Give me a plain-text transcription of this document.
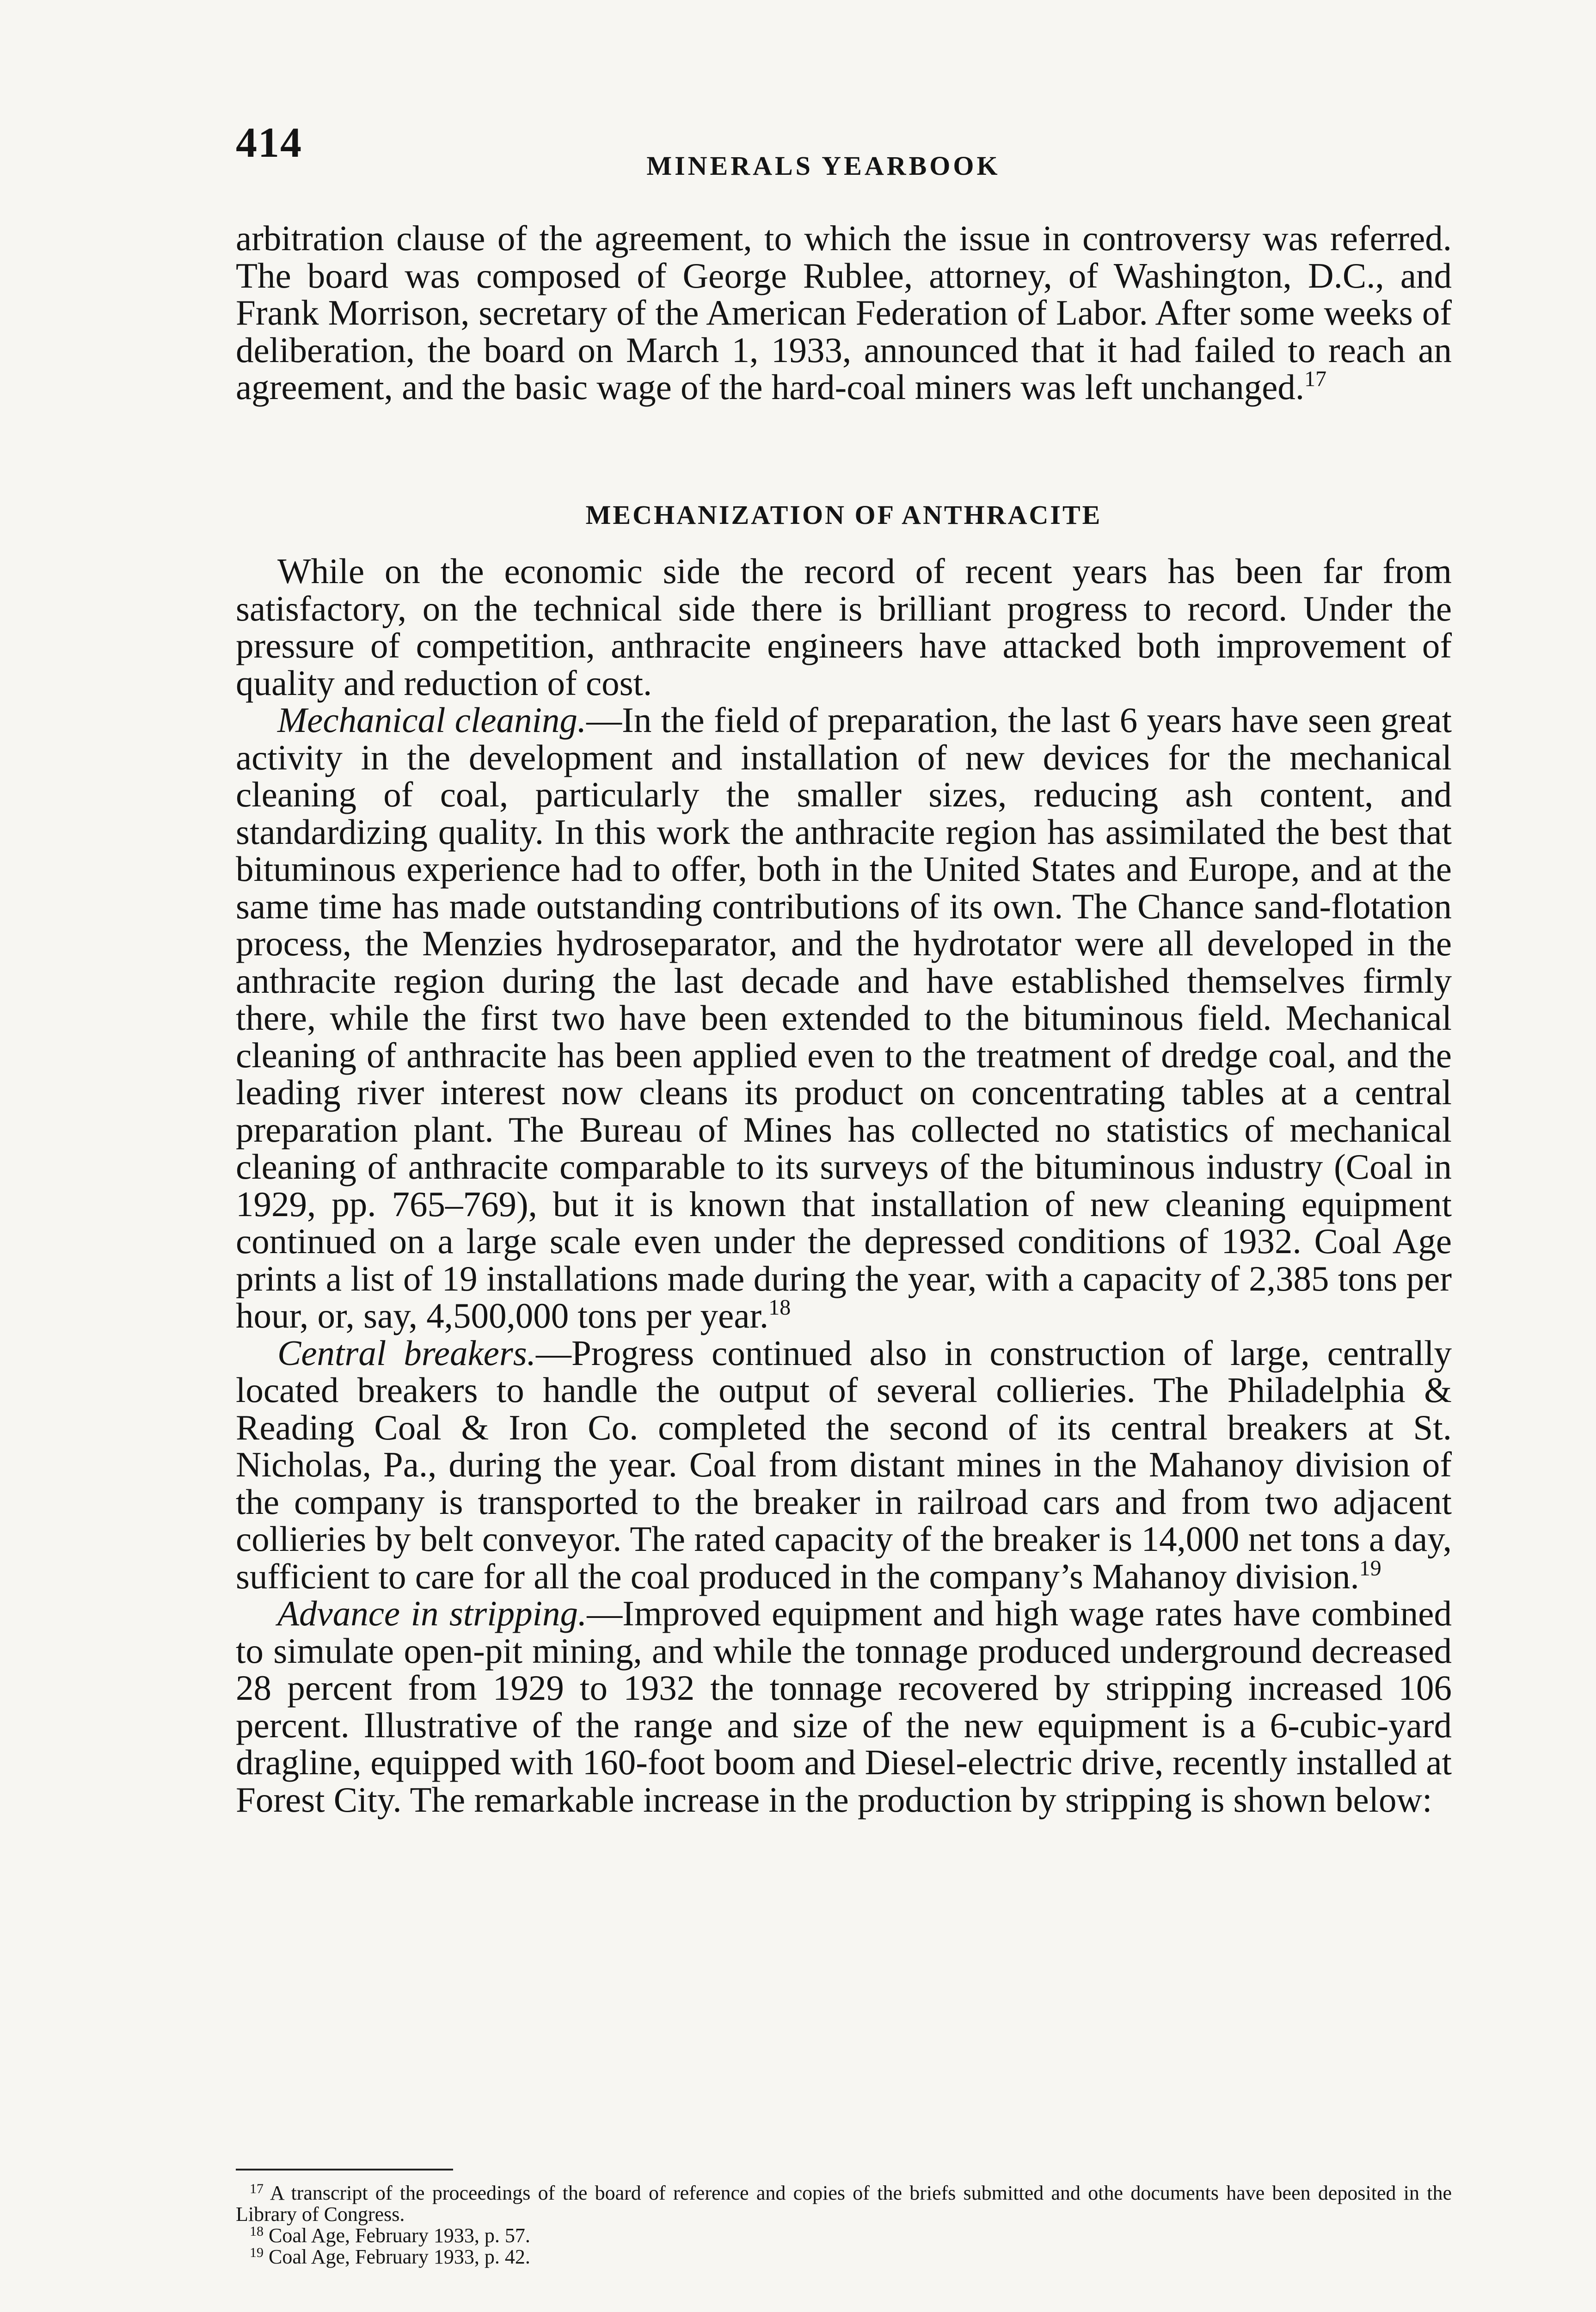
414	MINERALS YEARBOOK

arbitration clause of the agreement, to which the issue in controversy was referred. The board was composed of George Rublee, attorney, of Washington, D.C., and Frank Morrison, secretary of the American Federation of Labor. After some weeks of deliberation, the board on March 1, 1933, announced that it had failed to reach an agreement, and the basic wage of the hard-coal miners was left unchanged.$^{17}$

MECHANIZATION OF ANTHRACITE

While on the economic side the record of recent years has been far from satisfactory, on the technical side there is brilliant progress to record. Under the pressure of competition, anthracite engineers have attacked both improvement of quality and reduction of cost.

Mechanical cleaning.—In the field of preparation, the last 6 years have seen great activity in the development and installation of new devices for the mechanical cleaning of coal, particularly the smaller sizes, reducing ash content, and standardizing quality. In this work the anthracite region has assimilated the best that bituminous experience had to offer, both in the United States and Europe, and at the same time has made outstanding contributions of its own. The Chance sand-flotation process, the Menzies hydroseparator, and the hydrotator were all developed in the anthracite region during the last decade and have established themselves firmly there, while the first two have been extended to the bituminous field. Mechanical cleaning of anthracite has been applied even to the treatment of dredge coal, and the leading river interest now cleans its product on concentrating tables at a central preparation plant. The Bureau of Mines has collected no statistics of mechanical cleaning of anthracite comparable to its surveys of the bituminous industry (Coal in 1929, pp. 765–769), but it is known that installation of new cleaning equipment continued on a large scale even under the depressed conditions of 1932. Coal Age prints a list of 19 installations made during the year, with a capacity of 2,385 tons per hour, or, say, 4,500,000 tons per year.$^{18}$

Central breakers.—Progress continued also in construction of large, centrally located breakers to handle the output of several collieries. The Philadelphia & Reading Coal & Iron Co. completed the second of its central breakers at St. Nicholas, Pa., during the year. Coal from distant mines in the Mahanoy division of the company is transported to the breaker in railroad cars and from two adjacent collieries by belt conveyor. The rated capacity of the breaker is 14,000 net tons a day, sufficient to care for all the coal produced in the company’s Mahanoy division.$^{19}$

Advance in stripping.—Improved equipment and high wage rates have combined to simulate open-pit mining, and while the tonnage produced underground decreased 28 percent from 1929 to 1932 the tonnage recovered by stripping increased 106 percent. Illustrative of the range and size of the new equipment is a 6-cubic-yard dragline, equipped with 160-foot boom and Diesel-electric drive, recently installed at Forest City. The remarkable increase in the production by stripping is shown below:

$^{17}$ A transcript of the proceedings of the board of reference and copies of the briefs submitted and othe documents have been deposited in the Library of Congress.

$^{18}$ Coal Age, February 1933, p. 57.

$^{19}$ Coal Age, February 1933, p. 42.
